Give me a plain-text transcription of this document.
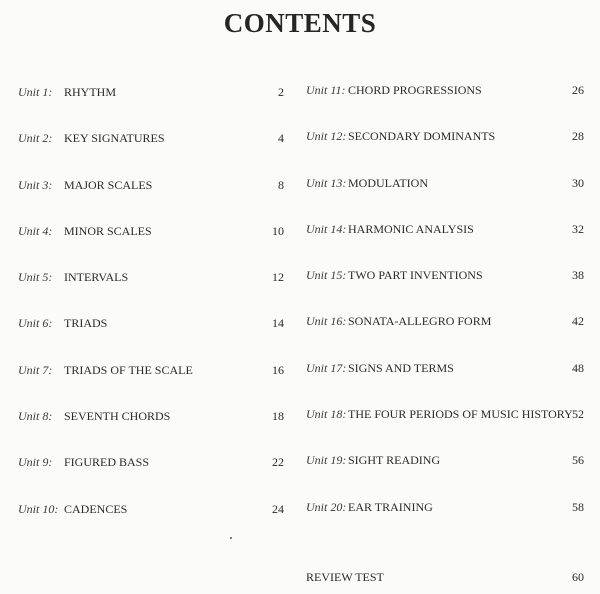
CONTENTS
Unit 1: RHYTHM	2
Unit 2: KEY SIGNATURES	4
Unit 3: MAJOR SCALES	8
Unit 4: MINOR SCALES	10
Unit 5: INTERVALS	12
Unit 6: TRIADS	14
Unit 7: TRIADS OF THE SCALE	16
Unit 8: SEVENTH CHORDS	18
Unit 9: FIGURED BASS	22
Unit 10: CADENCES	24
Unit 11: CHORD PROGRESSIONS	26
Unit 12: SECONDARY DOMINANTS	28
Unit 13: MODULATION	30
Unit 14: HARMONIC ANALYSIS	32
Unit 15: TWO PART INVENTIONS	38
Unit 16: SONATA-ALLEGRO FORM	42
Unit 17: SIGNS AND TERMS	48
Unit 18: THE FOUR PERIODS OF MUSIC HISTORY 52
Unit 19: SIGHT READING	56
Unit 20: EAR TRAINING	58
REVIEW TEST	60
